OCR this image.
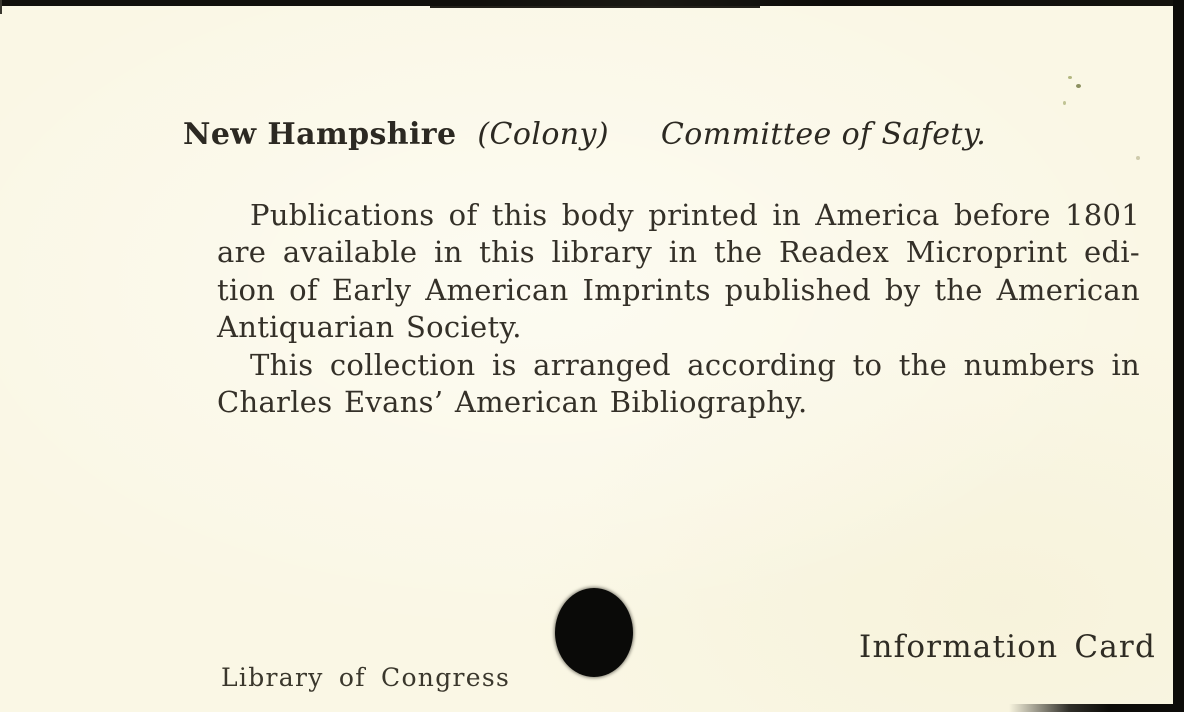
New Hampshire (Colony) Committee of Safety.
Publications of this body printed in America before 1801
are available in this library in the Readex Microprint edi-
tion of Early American Imprints published by the American
Antiquarian Society.
This collection is arranged according to the numbers in
Charles Evans’ American Bibliography.
Information Card
Library of Congress
